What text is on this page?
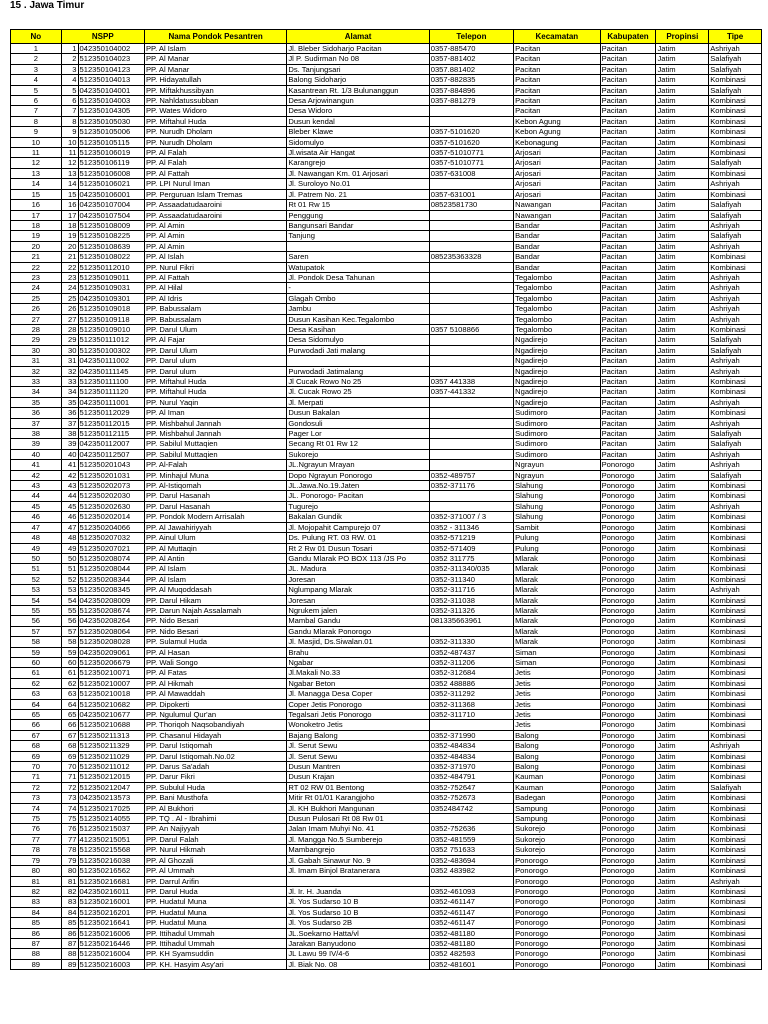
15 . Jawa Timur
No	NSPP		Nama Pondok Pesantren	Alamat	Telepon	Kecamatan	Kabupaten	Propinsi	Tipe
1	1	042350104002	PP. Al Islam	Jl. Bleber Sidoharjo Pacitan	0357-885470	Pacitan	Pacitan	Jatim	Ashriyah
2	2	512350104023	PP. Al Manar	Jl P. Sudirman No 08	0357-881402	Pacitan	Pacitan	Jatim	Salafiyah
3	3	512350104123	PP. Al Manar	Ds. Tanjungsari	0357.881402	Pacitan	Pacitan	Jatim	Salafiyah
4	4	512350104013	PP. Hidayatullah	Balong Sidoharjo	0357-882835	Pacitan	Pacitan	Jatim	Kombinasi
5	5	042350104001	PP. Miftakhussibyan	Kasantrean Rt. 1/3 Bulunanggun	0357-884896	Pacitan	Pacitan	Jatim	Salafiyah
6	6	512350104003	PP. Nahldatussubban	Desa Arjowinangun	0357-881279	Pacitan	Pacitan	Jatim	Kombinasi
7	7	512350104305	PP. Wates Widoro	Desa Widoro		Pacitan	Pacitan	Jatim	Kombinasi
8	8	512350105030	PP. Miftahul Huda	Dusun kendal		Kebon Agung	Pacitan	Jatim	Kombinasi
9	9	512350105006	PP. Nurudh Dholam	Bleber Klawe	0357-5101620	Kebon Agung	Pacitan	Jatim	Kombinasi
10	10	512350105115	PP. Nurudh Dholam	Sidomulyo	0357-5101620	Kebonagung	Pacitan	Jatim	Kombinasi
11	11	512350106019	PP. Al Falah	Jl.wisata Air Hangat	0357-51010771	Arjosari	Pacitan	Jatim	Kombinasi
12	12	512350106119	PP. Al Falah	Karangrejo	0357-51010771	Arjosari	Pacitan	Jatim	Salafiyah
13	13	512350106008	PP. Al Fattah	Jl. Nawangan Km. 01 Arjosari	0357-631008	Arjosari	Pacitan	Jatim	Kombinasi
14	14	512350106021	PP. LPI Nurul Iman	Jl. Suroloyo No.01		Arjosari	Pacitan	Jatim	Ashriyah
15	15	042350106001	PP. Perguruan Islam Tremas	Jl. Patrem No. 21	0357-631001	Arjosari	Pacitan	Jatim	Kombinasi
16	16	042350107004	PP. Assaadatudaaroini	Rt 01 Rw 15	08523581730	Nawangan	Pacitan	Jatim	Salafiyah
17	17	042350107504	PP. Assaadatudaaroini	Penggung		Nawangan	Pacitan	Jatim	Salafiyah
18	18	512350108009	PP. Al Amin	Bangunsari Bandar		Bandar	Pacitan	Jatim	Ashriyah
19	19	512350108225	PP. Al Amin	Tanjung		Bandar	Pacitan	Jatim	Salafiyah
20	20	512350108639	PP. Al Amin			Bandar	Pacitan	Jatim	Ashriyah
21	21	512350108022	PP. Al Islah	Saren	085235363328	Bandar	Pacitan	Jatim	Kombinasi
22	22	512350112010	PP. Nurul Fikri	Watupatok		Bandar	Pacitan	Jatim	Kombinasi
23	23	512350109011	PP. Al Fattah	Jl. Pondok Desa Tahunan		Tegalombo	Pacitan	Jatim	Ashriyah
24	24	512350109031	PP. Al Hilal	-		Tegalombo	Pacitan	Jatim	Ashriyah
25	25	042350109301	PP. Al Idris	Glagah Ombo		Tegalombo	Pacitan	Jatim	Ashriyah
26	26	512350109018	PP. Babussalam	Jambu		Tegalombo	Pacitan	Jatim	Ashriyah
27	27	512350109118	PP. Babussalam	Dusun Kasihan Kec.Tegalombo		Tegalombo	Pacitan	Jatim	Ashriyah
28	28	512350109010	PP. Darul Ulum	Desa Kasihan	0357 5108866	Tegalombo	Pacitan	Jatim	Kombinasi
29	29	512350111012	PP. Al Fajar	Desa Sidomulyo		Ngadirejo	Pacitan	Jatim	Salafiyah
30	30	512350100302	PP. Darul Ulum	Purwodadi Jati malang		Ngadirejo	Pacitan	Jatim	Salafiyah
31	31	042350111002	PP. Darul ulum			Ngadirejo	Pacitan	Jatim	Ashriyah
32	32	042350111145	PP. Darul ulum	Purwodadi Jatimalang		Ngadirejo	Pacitan	Jatim	Ashriyah
33	33	512350111100	PP. Miftahul Huda	Jl Cucak Rowo No 25	0357 441338	Ngadirejo	Pacitan	Jatim	Kombinasi
34	34	512350111120	PP. Miftahul Huda	Jl. Cucak Rowo 25	0357-441332	Ngadirejo	Pacitan	Jatim	Kombinasi
35	35	042350111001	PP. Nurul Yaqin	Jl. Merpati		Ngadirejo	Pacitan	Jatim	Ashriyah
36	36	512350112029	PP. Al Iman	Dusun Bakalan		Sudimoro	Pacitan	Jatim	Kombinasi
37	37	512350112015	PP. Mishbahul Jannah	Gondosuli		Sudimoro	Pacitan	Jatim	Ashriyah
38	38	512350112115	PP. Mishbahul Jannah	Pager Lor		Sudimoro	Pacitan	Jatim	Salafiyah
39	39	042350112007	PP. Sabilul Muttaqien	Secang Rt 01 Rw 12		Sudimoro	Pacitan	Jatim	Salafiyah
40	40	042350112507	PP. Sabilul Muttaqien	Sukorejo		Sudimoro	Pacitan	Jatim	Ashriyah
41	41	512350201043	PP. Al-Falah	JL.Ngrayun Mrayan		Ngrayun	Ponorogo	Jatim	Ashriyah
42	42	512350201031	PP. Minhajul Muna	Dopo Ngrayun Ponorogo	0352-489757	Ngrayun	Ponorogo	Jatim	Salafiyah
43	43	512350202073	PP. Al-Istiqomah	JL.Jawa.No.19.Jaten	0352-371176	Slahung	Ponorogo	Jatim	Kombinasi
44	44	512350202030	PP. Darul Hasanah	JL. Ponorogo- Pacitan		Slahung	Ponorogo	Jatim	Kombinasi
45	45	512350202630	PP. Darul Hasanah	Tugurejo		Slahung	Ponorogo	Jatim	Ashriyah
46	46	512350202014	PP. Pondok Modern Arrisalah	Bakalan Gundik	0352-371007 / 3	Slahung	Ponorogo	Jatim	Kombinasi
47	47	512350204066	PP. Al Jawahiriyyah	Jl. Mojopahit Campurejo 07	0352 - 311346	Sambit	Ponorogo	Jatim	Kombinasi
48	48	512350207032	PP. Ainul Ulum	Ds. Pulung RT. 03 RW. 01	0352-571219	Pulung	Ponorogo	Jatim	Kombinasi
49	49	512350207021	PP. Al Muttaqin	Rt 2 Rw 01 Dusun Tosari	0352-571409	Pulung	Ponorogo	Jatim	Kombinasi
50	50	512350208074	PP. Al Antin	Gandu Mlarak PO BOX 113 /JS Po	0352 311775	Mlarak	Ponorogo	Jatim	Kombinasi
51	51	512350208044	PP. Al Islam	JL. Madura	0352-311340/035	Mlarak	Ponorogo	Jatim	Kombinasi
52	52	512350208344	PP. Al Islam	Joresan	0352-311340	Mlarak	Ponorogo	Jatim	Kombinasi
53	53	512350208345	PP. Al Muqoddasah	Nglumpang Mlarak	0352-311716	Mlarak	Ponorogo	Jatim	Ashriyah
54	54	042350208009	PP. Darul Hikam	Joresan	0352-311038	Mlarak	Ponorogo	Jatim	Kombinasi
55	55	512350208674	PP. Darun Najah Assalamah	Ngrukem jalen	0352-311326	Mlarak	Ponorogo	Jatim	Kombinasi
56	56	042350208264	PP. Nido Besari	Mambal Gandu	081335663961	Mlarak	Ponorogo	Jatim	Kombinasi
57	57	512350208064	PP. Nido Besari	Gandu Mlarak Ponorogo		Mlarak	Ponorogo	Jatim	Kombinasi
58	58	512350208028	PP. Sulamul Huda	Jl. Masjid, Ds.Siwalan.01	0352-311330	Mlarak	Ponorogo	Jatim	Kombinasi
59	59	042350209061	PP. Al Hasan	Brahu	0352-487437	Siman	Ponorogo	Jatim	Kombinasi
60	60	512350206679	PP. Wali Songo	Ngabar	0352-311206	Siman	Ponorogo	Jatim	Kombinasi
61	61	512350210071	PP. Al Fatas	Jl.Makali No.33	0352-312684	Jetis	Ponorogo	Jatim	Kombinasi
62	62	512350210007	PP. Al Hikmah	Ngabar Beton	0352 488886	Jetis	Ponorogo	Jatim	Kombinasi
63	63	512350210018	PP. Al Mawaddah	Jl. Managga Desa Coper	0352-311292	Jetis	Ponorogo	Jatim	Kombinasi
64	64	512350210682	PP. Dipokerti	Coper Jetis Ponorogo	0352-311368	Jetis	Ponorogo	Jatim	Kombinasi
65	65	042350210677	PP. Ngulumul Qur'an	Tegalsari Jetis Ponorogo	0352-311710	Jetis	Ponorogo	Jatim	Kombinasi
66	66	512350210688	PP. Thoriqoh Naqsobandiyah	Wonoketro Jetis		Jetis	Ponorogo	Jatim	Kombinasi
67	67	512350211313	PP. Chasanul Hidayah	Bajang Balong	0352-371990	Balong	Ponorogo	Jatim	Kombinasi
68	68	512350211329	PP. Darul Istiqomah	Jl. Serut Sewu	0352-484834	Balong	Ponorogo	Jatim	Ashriyah
69	69	512350211029	PP. Darul Istiqomah.No.02	Jl. Serut Sewu	0352-484834	Balong	Ponorogo	Jatim	Kombinasi
70	70	512350211012	PP. Darus Sa'adah	Dusun Mantren	0352-371970	Balong	Ponorogo	Jatim	Kombinasi
71	71	512350212015	PP. Darur Fikri	Dusun Krajan	0352-484791	Kauman	Ponorogo	Jatim	Kombinasi
72	72	512350212047	PP. Subulul Huda	RT 02 RW 01 Bentong	0352-752647	Kauman	Ponorogo	Jatim	Salafiyah
73	73	042350213573	PP. Bani Musthofa	Mitir Rt 01/01 Karangjoho	0352-752673	Badegan	Ponorogo	Jatim	Kombinasi
74	74	512350217025	PP. Al Bukhori	Jl. KH Bukhori Mangunan	0352484742	Sampung	Ponorogo	Jatim	Kombinasi
75	75	512350214055	PP. TQ . Al - Ibrahimi	Dusun Pulosari Rt 08 Rw 01		Sampung	Ponorogo	Jatim	Kombinasi
76	76	512350215037	PP. An Najiyyah	Jalan Imam Muhyi No. 41	0352-752636	Sukorejo	Ponorogo	Jatim	Kombinasi
77	77	412350215051	PP. Darul Falah	Jl. Mangga No.5 Sumberejo	0352-481559	Sukorejo	Ponorogo	Jatim	Kombinasi
78	78	512350215568	PP. Nurul Hikmah	Mambangrejo	0352 751633	Sukorejo	Ponorogo	Jatim	Kombinasi
79	79	512350216038	PP. Al Ghozali	Jl. Gabah Sinawur No. 9	0352-483694	Ponorogo	Ponorogo	Jatim	Kombinasi
80	80	512350216562	PP. Al Ummah	Jl. Imam Binjol Bratanerara	0352 483982	Ponorogo	Ponorogo	Jatim	Kombinasi
81	81	512350216681	PP. Darrul Arifin			Ponorogo	Ponorogo	Jatim	Ashriyah
82	82	042350216011	PP. Darul Huda	Jl. Ir. H. Juanda	0352-461093	Ponorogo	Ponorogo	Jatim	Kombinasi
83	83	512350216001	PP. Hudatul Muna	Jl. Yos Sudarso 10 B	0352-461147	Ponorogo	Ponorogo	Jatim	Kombinasi
84	84	512350216201	PP. Hudatul Muna	Jl. Yos Sudarso 10 B	0352-461147	Ponorogo	Ponorogo	Jatim	Kombinasi
85	85	512350216641	PP. Hudatul Muna	Jl. Yos Sudarso 2B	0352-461147	Ponorogo	Ponorogo	Jatim	Kombinasi
86	86	512350216006	PP. Ittihadul Ummah	JL.Soekarno Hatta/vl	0352-481180	Ponorogo	Ponorogo	Jatim	Kombinasi
87	87	512350216446	PP. Ittihadul Ummah	Jarakan Banyudono	0352-481180	Ponorogo	Ponorogo	Jatim	Kombinasi
88	88	512350216004	PP. KH Syamsuddin	JL Lawu 99 IV/4-6	0352 482593	Ponorogo	Ponorogo	Jatim	Kombinasi
89	89	512350216003	PP. KH. Hasyim Asy'ari	Jl. Biak No. 08	0352-481601	Ponorogo	Ponorogo	Jatim	Kombinasi
